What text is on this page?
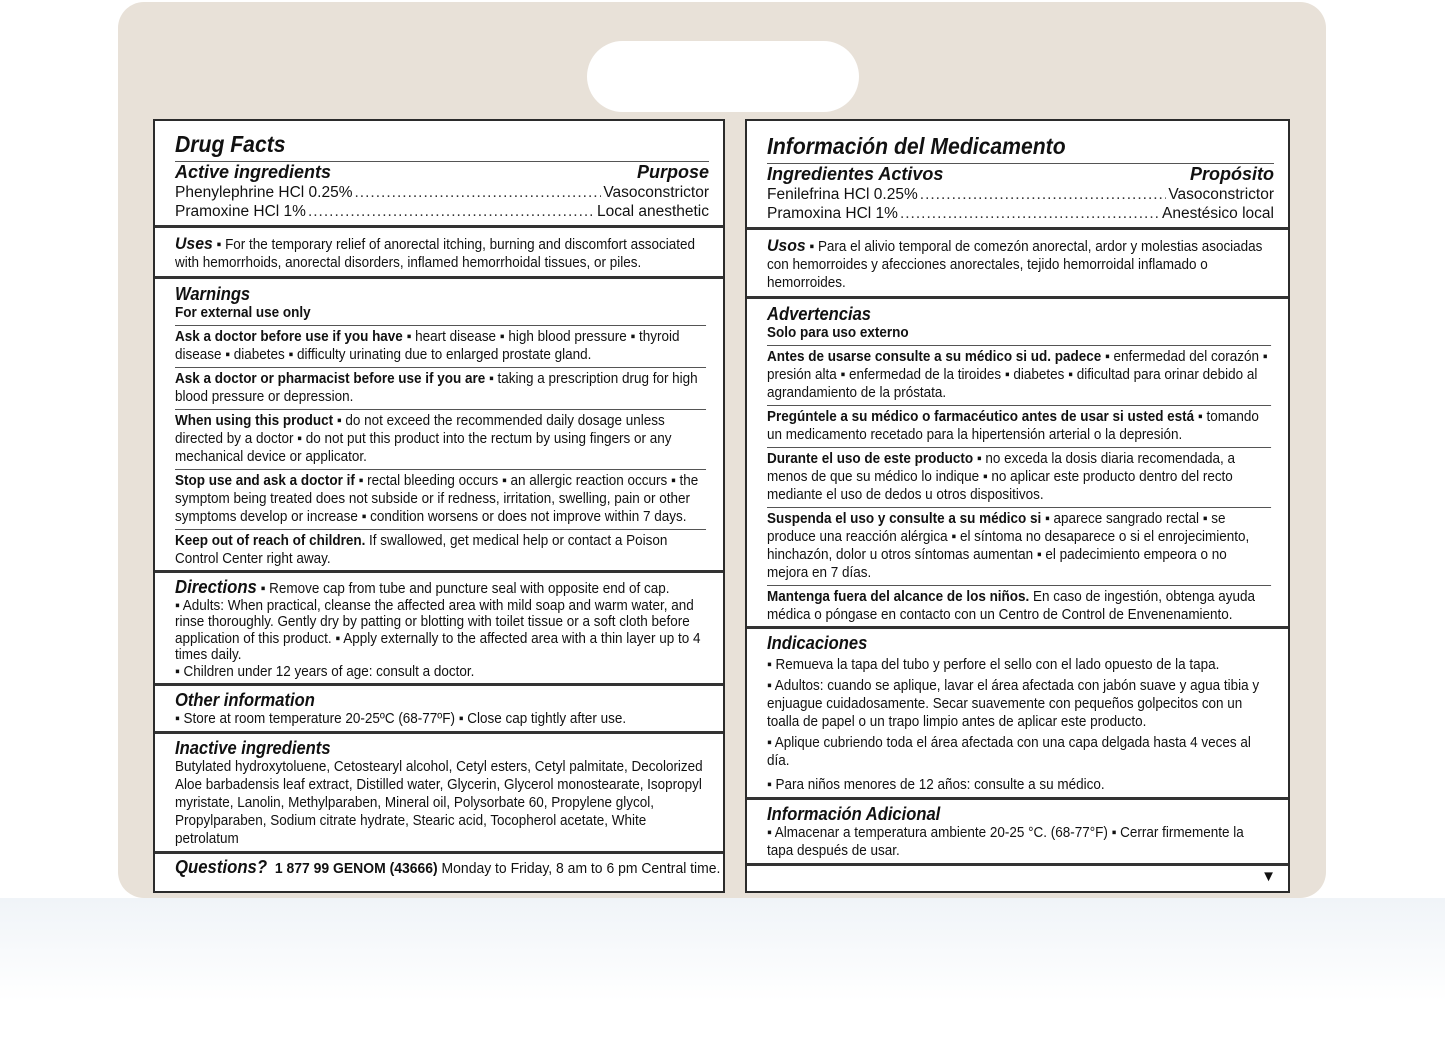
Drug Facts
Active ingredients	Purpose
Phenylephrine HCl 0.25% .....	Vasoconstrictor
Pramoxine HCl 1% .....	Local anesthetic
Uses ▪ For the temporary relief of anorectal itching, burning and discomfort associated with hemorrhoids, anorectal disorders, inflamed hemorrhoidal tissues, or piles.
Warnings
For external use only
Ask a doctor before use if you have ▪ heart disease ▪ high blood pressure ▪ thyroid disease ▪ diabetes ▪ difficulty urinating due to enlarged prostate gland.
Ask a doctor or pharmacist before use if you are ▪ taking a prescription drug for high blood pressure or depression.
When using this product ▪ do not exceed the recommended daily dosage unless directed by a doctor ▪ do not put this product into the rectum by using fingers or any mechanical device or applicator.
Stop use and ask a doctor if ▪ rectal bleeding occurs ▪ an allergic reaction occurs ▪ the symptom being treated does not subside or if redness, irritation, swelling, pain or other symptoms develop or increase ▪ condition worsens or does not improve within 7 days.
Keep out of reach of children. If swallowed, get medical help or contact a Poison Control Center right away.
Directions ▪ Remove cap from tube and puncture seal with opposite end of cap.
▪ Adults: When practical, cleanse the affected area with mild soap and warm water, and rinse thoroughly. Gently dry by patting or blotting with toilet tissue or a soft cloth before application of this product. ▪ Apply externally to the affected area with a thin layer up to 4 times daily.
▪ Children under 12 years of age: consult a doctor.
Other information
▪ Store at room temperature 20-25ºC (68-77ºF) ▪ Close cap tightly after use.
Inactive ingredients
Butylated hydroxytoluene, Cetostearyl alcohol, Cetyl esters, Cetyl palmitate, Decolorized Aloe barbadensis leaf extract, Distilled water, Glycerin, Glycerol monostearate, Isopropyl myristate, Lanolin, Methylparaben, Mineral oil, Polysorbate 60, Propylene glycol, Propylparaben, Sodium citrate hydrate, Stearic acid, Tocopherol acetate, White petrolatum
Questions? 1 877 99 GENOM (43666) Monday to Friday, 8 am to 6 pm Central time.
Información del Medicamento
Ingredientes Activos	Propósito
Fenilefrina HCl 0.25% .....	Vasoconstrictor
Pramoxina HCl 1% .....	Anestésico local
Usos ▪ Para el alivio temporal de comezón anorectal, ardor y molestias asociadas con hemorroides y afecciones anorectales, tejido hemorroidal inflamado o hemorroides.
Advertencias
Solo para uso externo
Antes de usarse consulte a su médico si ud. padece ▪ enfermedad del corazón ▪ presión alta ▪ enfermedad de la tiroides ▪ diabetes ▪ dificultad para orinar debido al agrandamiento de la próstata.
Pregúntele a su médico o farmacéutico antes de usar si usted está ▪ tomando un medicamento recetado para la hipertensión arterial o la depresión.
Durante el uso de este producto ▪ no exceda la dosis diaria recomendada, a menos de que su médico lo indique ▪ no aplicar este producto dentro del recto mediante el uso de dedos u otros dispositivos.
Suspenda el uso y consulte a su médico si ▪ aparece sangrado rectal ▪ se produce una reacción alérgica ▪ el síntoma no desaparece o si el enrojecimiento, hinchazón, dolor u otros síntomas aumentan ▪ el padecimiento empeora o no mejora en 7 días.
Mantenga fuera del alcance de los niños. En caso de ingestión, obtenga ayuda médica o póngase en contacto con un Centro de Control de Envenenamiento.
Indicaciones
▪ Remueva la tapa del tubo y perfore el sello con el lado opuesto de la tapa.
▪ Adultos: cuando se aplique, lavar el área afectada con jabón suave y agua tibia y enjuague cuidadosamente. Secar suavemente con pequeños golpecitos con un toalla de papel o un trapo limpio antes de aplicar este producto.
▪ Aplique cubriendo toda el área afectada con una capa delgada hasta 4 veces al día.
▪ Para niños menores de 12 años: consulte a su médico.
Información Adicional
▪ Almacenar a temperatura ambiente 20-25 °C. (68-77°F) ▪ Cerrar firmemente la tapa después de usar.
▼
